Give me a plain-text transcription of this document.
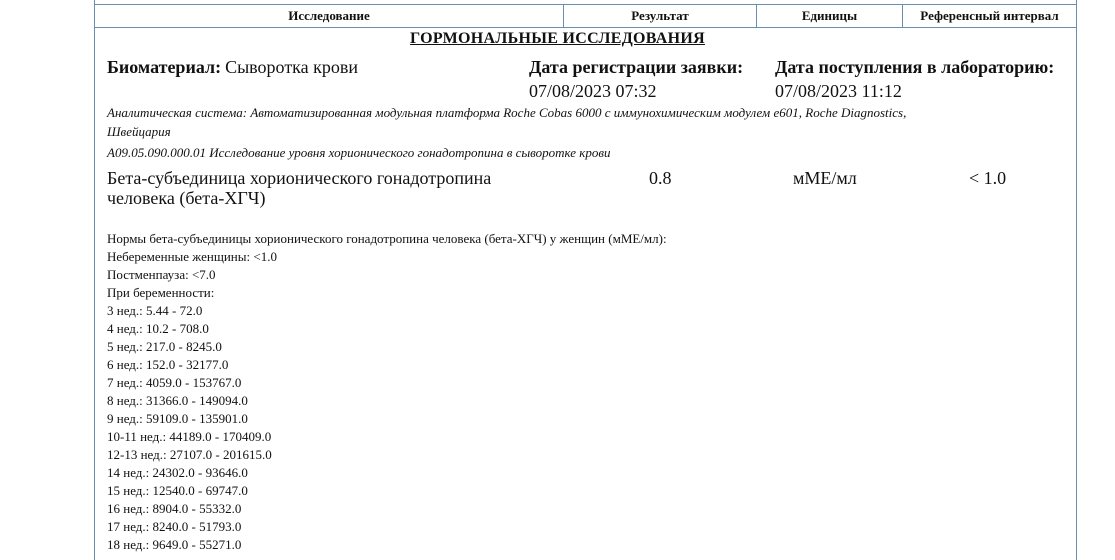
Исследование	Результат	Единицы	Референсный интервал
ГОРМОНАЛЬНЫЕ ИССЛЕДОВАНИЯ
Биоматериал: Сыворотка крови	Дата регистрации заявки:
07/08/2023 07:32
Дата поступления в лабораторию:
07/08/2023 11:12
Аналитическая система: Автоматизированная модульная платформа Roche Cobas 6000 с иммунохимическим модулем e601, Roche Diagnostics,
Швейцария
A09.05.090.000.01 Исследование уровня хорионического гонадотропина в сыворотке крови
Бета-субъединица хорионического гонадотропина
человека (бета-ХГЧ)
0.8	мМЕ/мл	< 1.0
Нормы бета-субъединицы хорионического гонадотропина человека (бета-ХГЧ) у женщин (мМЕ/мл):
Небеременные женщины: <1.0
Постменпауза: <7.0
При беременности:
3 нед.: 5.44 - 72.0
4 нед.: 10.2 - 708.0
5 нед.: 217.0 - 8245.0
6 нед.: 152.0 - 32177.0
7 нед.: 4059.0 - 153767.0
8 нед.: 31366.0 - 149094.0
9 нед.: 59109.0 - 135901.0
10-11 нед.: 44189.0 - 170409.0
12-13 нед.: 27107.0 - 201615.0
14 нед.: 24302.0 - 93646.0
15 нед.: 12540.0 - 69747.0
16 нед.: 8904.0 - 55332.0
17 нед.: 8240.0 - 51793.0
18 нед.: 9649.0 - 55271.0
